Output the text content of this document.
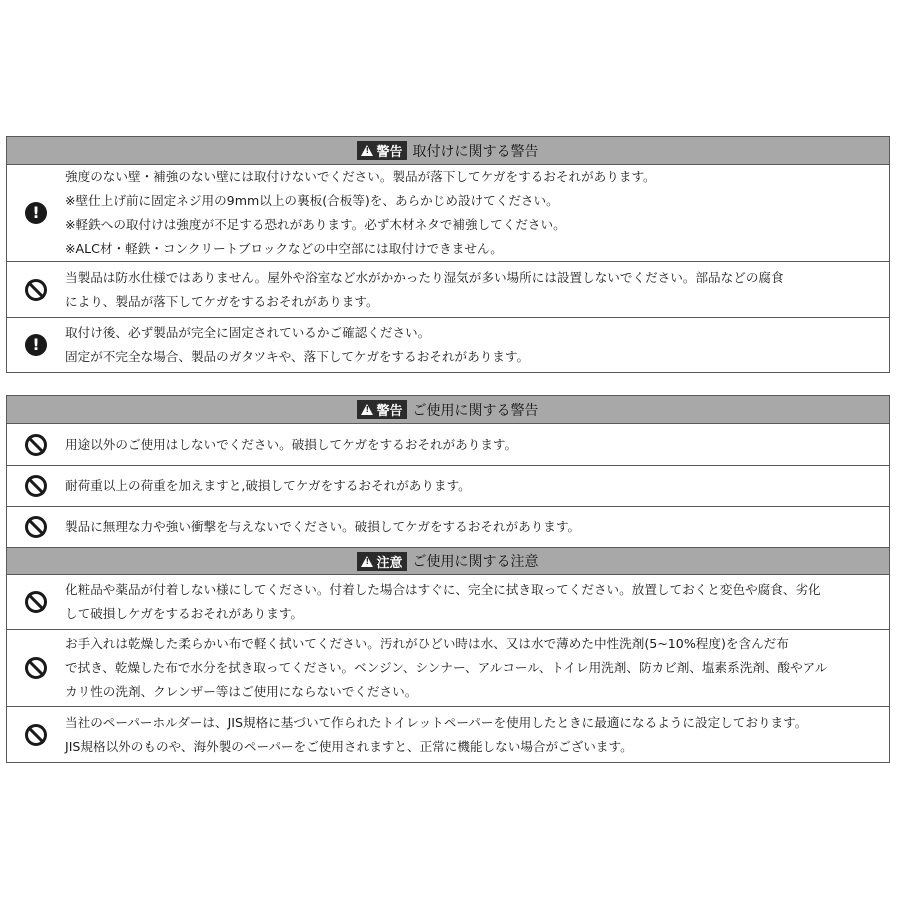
!
警告 取付けに関する警告
!
強度のない壁・補強のない壁には取付けないでください。製品が落下してケガをするおそれがあります。
※壁仕上げ前に固定ネジ用の9mm以上の裏板(合板等)を、あらかじめ設けてください。
※軽鉄への取付けは強度が不足する恐れがあります。必ず木材ネタで補強してください。
※ALC材・軽鉄・コンクリートブロックなどの中空部には取付けできません。
当製品は防水仕様ではありません。屋外や浴室など水がかかったり湿気が多い場所には設置しないでください。部品などの腐食
により、製品が落下してケガをするおそれがあります。
!
取付け後、必ず製品が完全に固定されているかご確認ください。
固定が不完全な場合、製品のガタツキや、落下してケガをするおそれがあります。
!
警告 ご使用に関する警告
用途以外のご使用はしないでください。破損してケガをするおそれがあります。
耐荷重以上の荷重を加えますと,破損してケガをするおそれがあります。
製品に無理な力や強い衝撃を与えないでください。破損してケガをするおそれがあります。
!
注意 ご使用に関する注意
化粧品や薬品が付着しない様にしてください。付着した場合はすぐに、完全に拭き取ってください。放置しておくと変色や腐食、劣化
して破損しケガをするおそれがあります。
お手入れは乾燥した柔らかい布で軽く拭いてください。汚れがひどい時は水、又は水で薄めた中性洗剤(5~10%程度)を含んだ布
で拭き、乾燥した布で水分を拭き取ってください。ベンジン、シンナー、アルコール、トイレ用洗剤、防カビ剤、塩素系洗剤、酸やアル
カリ性の洗剤、クレンザー等はご使用にならないでください。
当社のペーパーホルダーは、JIS規格に基づいて作られたトイレットペーパーを使用したときに最適になるように設定しております。
JIS規格以外のものや、海外製のペーパーをご使用されますと、正常に機能しない場合がございます。
